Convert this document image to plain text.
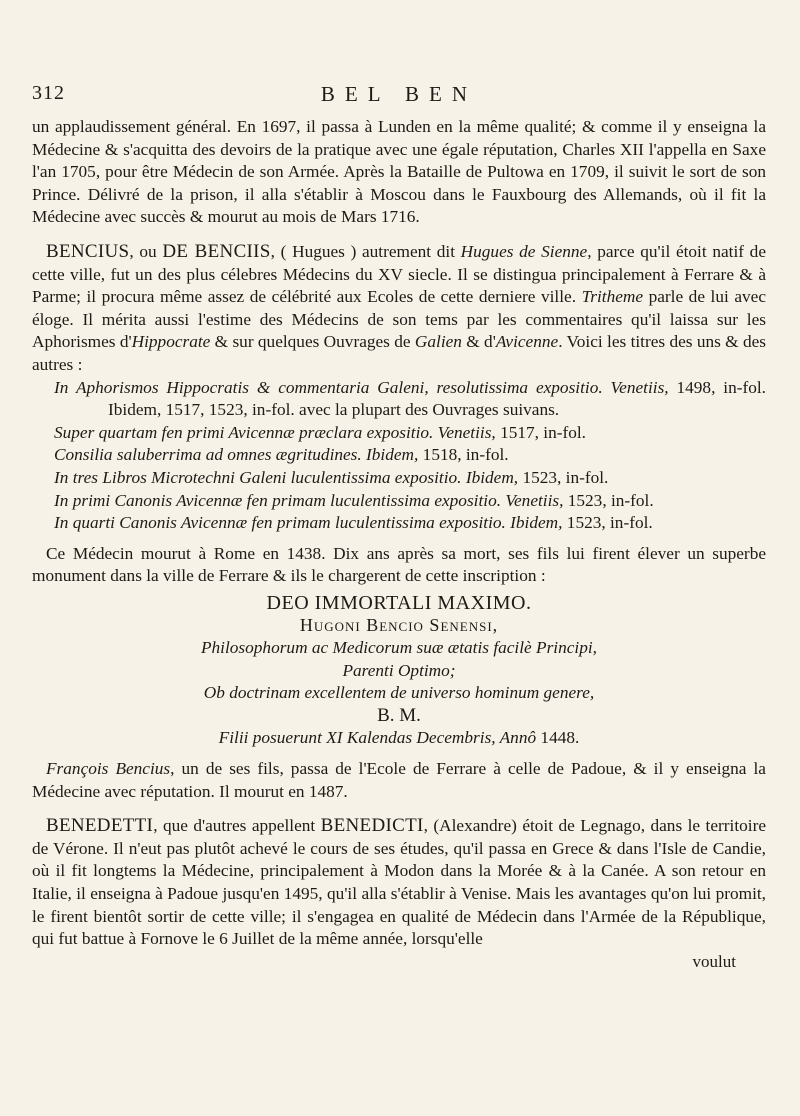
312	BEL BEN

un applaudissement général. En 1697, il passa à Lunden en la même qualité; & comme il y enseigna la Médecine & s'acquitta des devoirs de la pratique avec une égale réputation, Charles XII l'appella en Saxe l'an 1705, pour être Médecin de son Armée. Après la Bataille de Pultowa en 1709, il suivit le sort de son Prince. Délivré de la prison, il alla s'établir à Moscou dans le Fauxbourg des Allemands, où il fit la Médecine avec succès & mourut au mois de Mars 1716.

BENCIUS, ou DE BENCIIS, ( Hugues ) autrement dit Hugues de Sienne, parce qu'il étoit natif de cette ville, fut un des plus célebres Médecins du XV siecle. Il se distingua principalement à Ferrare & à Parme; il procura même assez de célébrité aux Ecoles de cette derniere ville. Tritheme parle de lui avec éloge. Il mérita aussi l'estime des Médecins de son tems par les commentaires qu'il laissa sur les Aphorismes d'Hippocrate & sur quelques Ouvrages de Galien & d'Avicenne. Voici les titres des uns & des autres :

In Aphorismos Hippocratis & commentaria Galeni, resolutissima expositio. Venetiis, 1498, in-fol. Ibidem, 1517, 1523, in-fol. avec la plupart des Ouvrages suivans.
Super quartam fen primi Avicennæ præclara expositio. Venetiis, 1517, in-fol.
Consilia saluberrima ad omnes ægritudines. Ibidem, 1518, in-fol.
In tres Libros Microtechni Galeni luculentissima expositio. Ibidem, 1523, in-fol.
In primi Canonis Avicennæ fen primam luculentissima expositio. Venetiis, 1523, in-fol.
In quarti Canonis Avicennæ fen primam luculentissima expositio. Ibidem, 1523, in-fol.

Ce Médecin mourut à Rome en 1438. Dix ans après sa mort, ses fils lui firent élever un superbe monument dans la ville de Ferrare & ils le chargerent de cette inscription :

DEO IMMORTALI MAXIMO.
Hugoni Bencio Senensi,
Philosophorum ac Medicorum suæ ætatis facilè Principi,
Parenti Optimo;
Ob doctrinam excellentem de universo hominum genere,
B. M.
Filii posuerunt XI Kalendas Decembris, Annô 1448.

François Bencius, un de ses fils, passa de l'Ecole de Ferrare à celle de Padoue, & il y enseigna la Médecine avec réputation. Il mourut en 1487.

BENEDETTI, que d'autres appellent BENEDICTI, (Alexandre) étoit de Legnago, dans le territoire de Vérone. Il n'eut pas plutôt achevé le cours de ses études, qu'il passa en Grece & dans l'Isle de Candie, où il fit longtems la Médecine, principalement à Modon dans la Morée & à la Canée. A son retour en Italie, il enseigna à Padoue jusqu'en 1495, qu'il alla s'établir à Venise. Mais les avantages qu'on lui promit, le firent bientôt sortir de cette ville; il s'engagea en qualité de Médecin dans l'Armée de la République, qui fut battue à Fornove le 6 Juillet de la même année, lorsqu'elle

voulut
